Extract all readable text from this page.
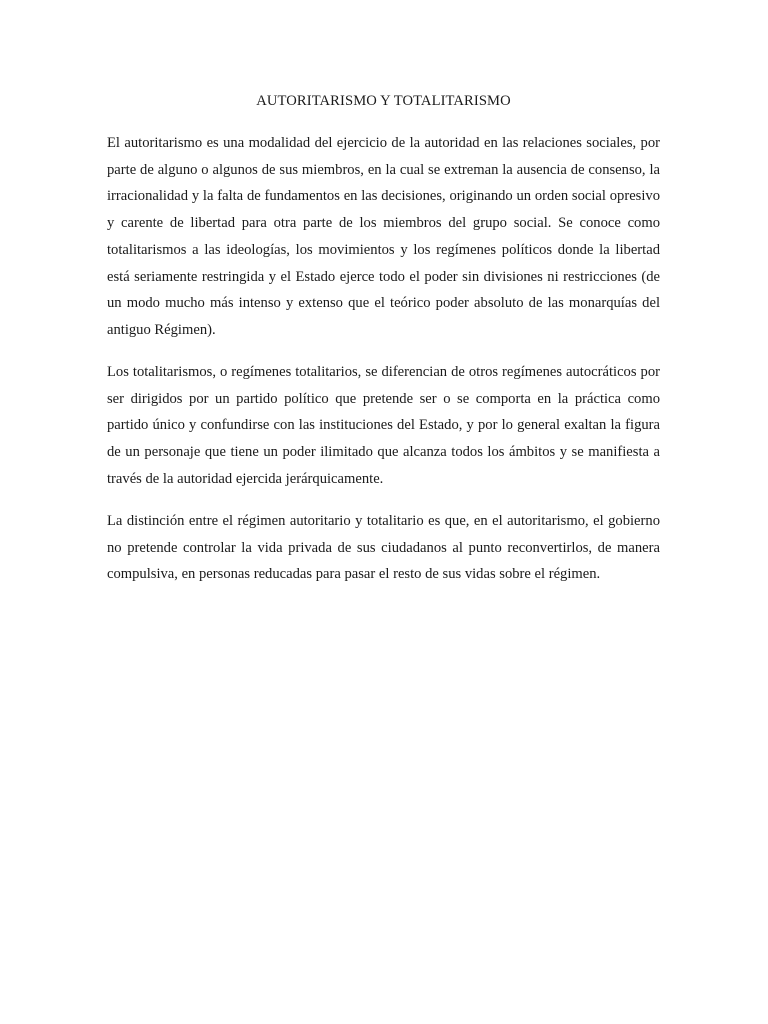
AUTORITARISMO Y TOTALITARISMO

El autoritarismo es una modalidad del ejercicio de la autoridad en las relaciones sociales, por parte de alguno o algunos de sus miembros, en la cual se extreman la ausencia de consenso, la irracionalidad y la falta de fundamentos en las decisiones, originando un orden social opresivo y carente de libertad para otra parte de los miembros del grupo social. Se conoce como totalitarismos a las ideologías, los movimientos y los regímenes políticos donde la libertad está seriamente restringida y el Estado ejerce todo el poder sin divisiones ni restricciones (de un modo mucho más intenso y extenso que el teórico poder absoluto de las monarquías del antiguo Régimen).

Los totalitarismos, o regímenes totalitarios, se diferencian de otros regímenes autocráticos por ser dirigidos por un partido político que pretende ser o se comporta en la práctica como partido único y confundirse con las instituciones del Estado, y por lo general exaltan la figura de un personaje que tiene un poder ilimitado que alcanza todos los ámbitos y se manifiesta a través de la autoridad ejercida jerárquicamente.

La distinción entre el régimen autoritario y totalitario es que, en el autoritarismo, el gobierno no pretende controlar la vida privada de sus ciudadanos al punto reconvertirlos, de manera compulsiva, en personas reducadas para pasar el resto de sus vidas sobre el régimen.
